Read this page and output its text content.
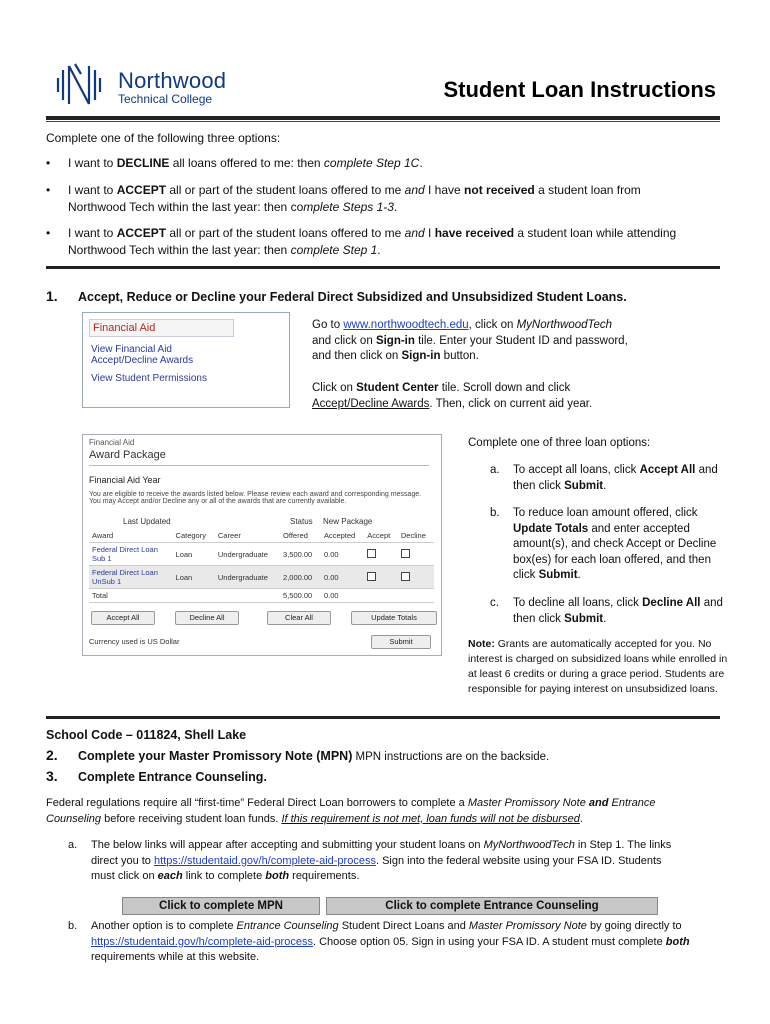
Northwood
Technical College	Student Loan Instructions
Complete one of the following three options:
• I want to DECLINE all loans offered to me: then complete Step 1C.
• I want to ACCEPT all or part of the student loans offered to me and I have not received a student loan from
Northwood Tech within the last year: then complete Steps 1-3.
• I want to ACCEPT all or part of the student loans offered to me and I have received a student loan while attending
Northwood Tech within the last year: then complete Step 1.
1. Accept, Reduce or Decline your Federal Direct Subsidized and Unsubsidized Student Loans.
Financial Aid
View Financial Aid
Accept/Decline Awards
View Student Permissions
Go to www.northwoodtech.edu, click on MyNorthwoodTech
and click on Sign-in tile. Enter your Student ID and password,
and then click on Sign-in button.
Click on Student Center tile. Scroll down and click
Accept/Decline Awards. Then, click on current aid year.
Financial Aid
Award Package
Financial Aid Year
You are eligible to receive the awards listed below. Please review each award and corresponding message.
You may Accept and/or Decline any or all of the awards that are currently available.
Last Updated	Status New Package
Award	Category	Career	Offered	Accepted	Accept	Decline
Federal Direct Loan
Sub 1	Loan	Undergraduate	3,500.00	0.00		
Federal Direct Loan
UnSub 1	Loan	Undergraduate	2,000.00	0.00		
Total			5,500.00	0.00		
Accept All	Decline All	Clear All	Update Totals
Currency used is US Dollar	Submit
Complete one of three loan options:
a. To accept all loans, click Accept All and
then click Submit.
b. To reduce loan amount offered, click
Update Totals and enter accepted
amount(s), and check Accept or Decline
box(es) for each loan offered, and then
click Submit.
c. To decline all loans, click Decline All and
then click Submit.
Note: Grants are automatically accepted for you. No
interest is charged on subsidized loans while enrolled in
at least 6 credits or during a grace period. Students are
responsible for paying interest on unsubsidized loans.
School Code – 011824, Shell Lake
2. Complete your Master Promissory Note (MPN) MPN instructions are on the backside.
3. Complete Entrance Counseling.
Federal regulations require all “first-time” Federal Direct Loan borrowers to complete a Master Promissory Note and Entrance
Counseling before receiving student loan funds. If this requirement is not met, loan funds will not be disbursed.
a. The below links will appear after accepting and submitting your student loans on MyNorthwoodTech in Step 1. The links
direct you to https://studentaid.gov/h/complete-aid-process. Sign into the federal website using your FSA ID. Students
must click on each link to complete both requirements.
Click to complete MPN	Click to complete Entrance Counseling
b. Another option is to complete Entrance Counseling Student Direct Loans and Master Promissory Note by going directly to
https://studentaid.gov/h/complete-aid-process. Choose option 05. Sign in using your FSA ID. A student must complete both
requirements while at this website.
